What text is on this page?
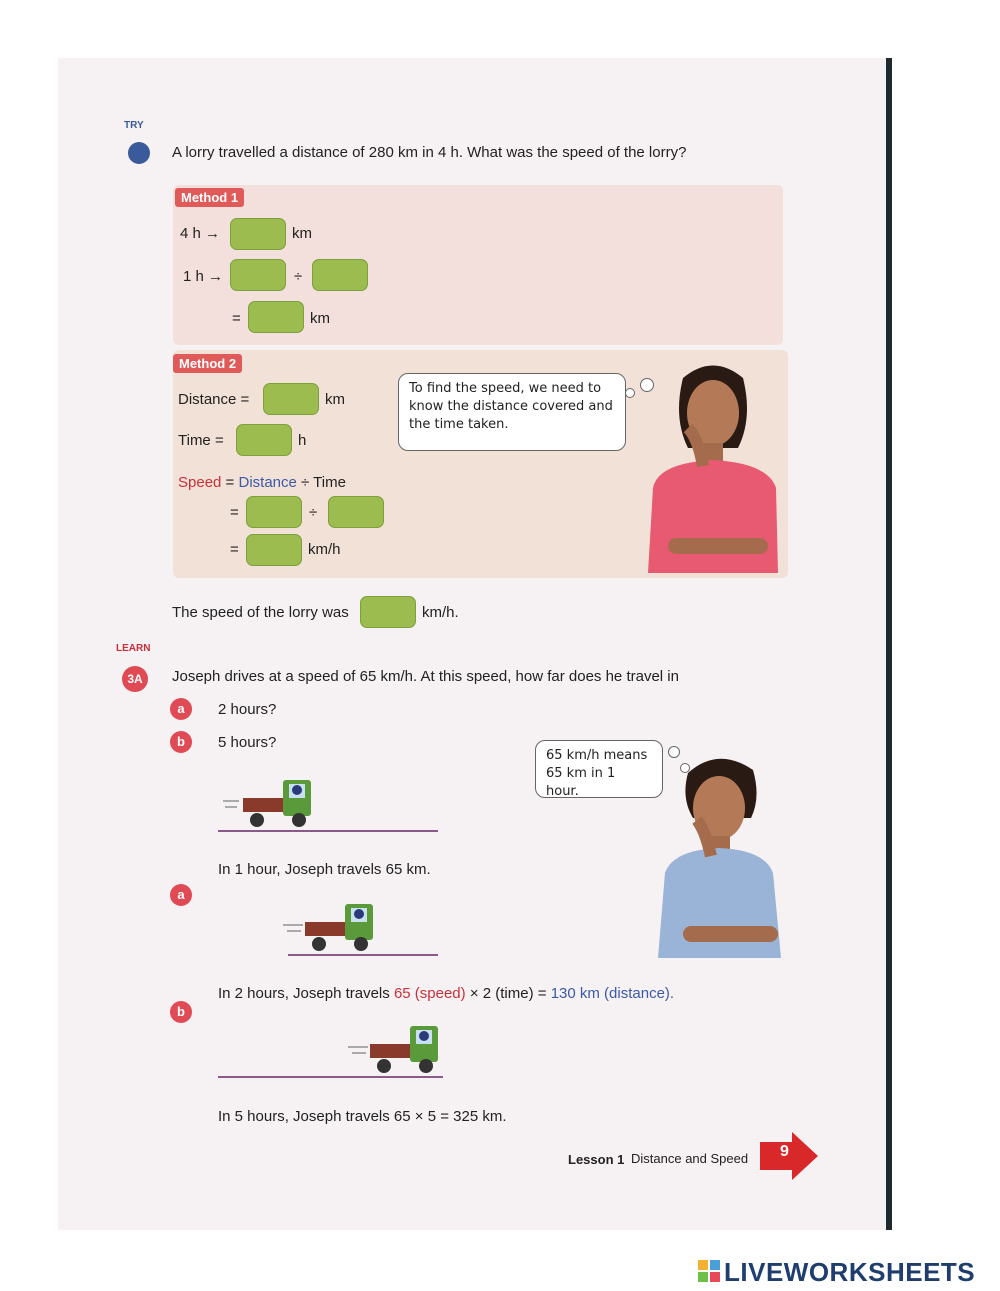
TRY
2	A lorry travelled a distance of 280 km in 4 h. What was the speed of the lorry?
Method 1
4 h →	km
1 h →	÷
=	km
Method 2
Distance =	km
Time =	h
Speed = Distance ÷ Time
=	÷
=	km/h
To find the speed, we need to know the distance covered and the time taken.
The speed of the lorry was	km/h.
LEARN
3A	Joseph drives at a speed of 65 km/h. At this speed, how far does he travel in
a	2 hours?
b	5 hours?
65 km/h means
65 km in 1 hour.
In 1 hour, Joseph travels 65 km.
a
In 2 hours, Joseph travels 65 (speed) × 2 (time) = 130 km (distance).
b
In 5 hours, Joseph travels 65 × 5 = 325 km.
Lesson 1 Distance and Speed 9
LIVEWORKSHEETS
